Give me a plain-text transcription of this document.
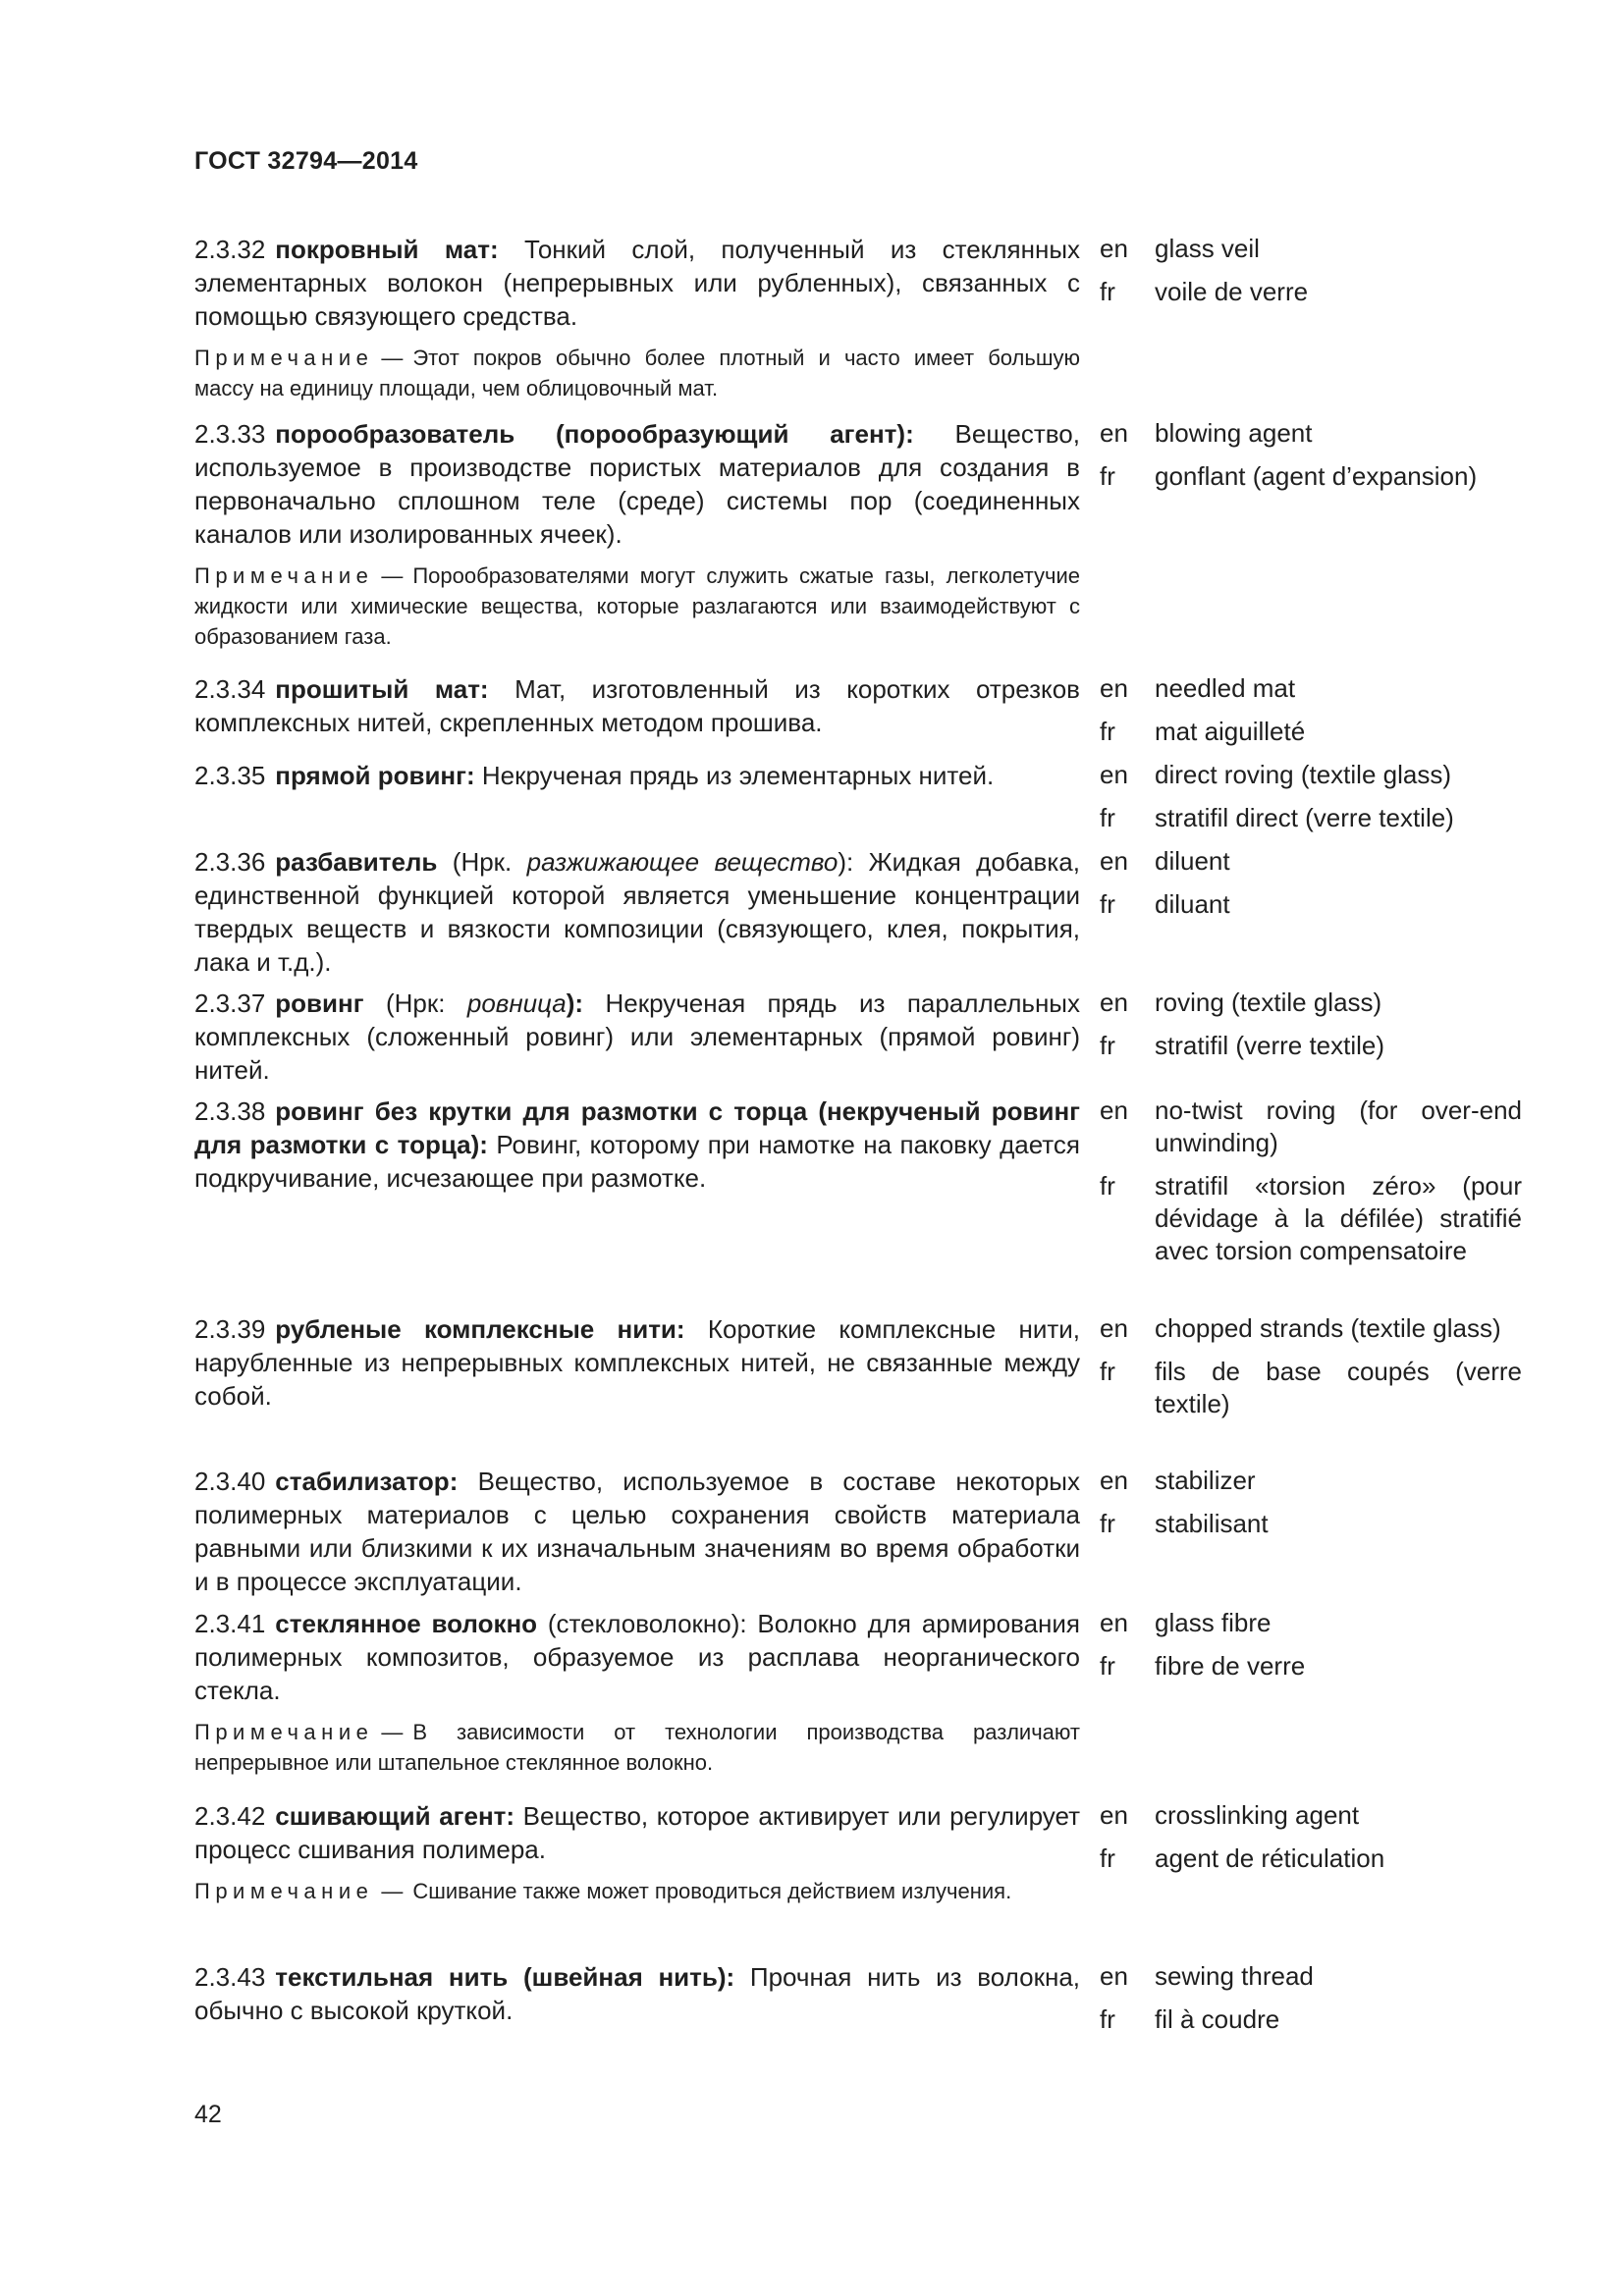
ГОСТ 32794—2014

2.3.32 покровный мат: Тонкий слой, полученный из стеклянных элементарных волокон (непрерывных или рубленных), связанных с помощью связующего средства.

Примечание — Этот покров обычно более плотный и часто имеет большую массу на единицу площади, чем облицовочный мат.

en	glass veil
fr	voile de verre

2.3.33 порообразователь (порообразующий агент): Вещество, используемое в производстве пористых материалов для создания в первоначально сплошном теле (среде) системы пор (соединенных каналов или изолированных ячеек).

Примечание — Порообразователями могут служить сжатые газы, легколетучие жидкости или химические вещества, которые разлагаются или взаимодействуют с образованием газа.

en	blowing agent
fr	gonflant (agent d’expansion)

2.3.34 прошитый мат: Мат, изготовленный из коротких отрезков комплексных нитей, скрепленных методом прошива.

en	needled mat
fr	mat aiguilleté

2.3.35 прямой ровинг: Некрученая прядь из элементарных нитей.	en	direct roving (textile glass)
fr	stratifil direct (verre textile)

2.3.36 разбавитель (Нрк. разжижающее вещество): Жидкая добавка, единственной функцией которой является уменьшение концентрации твердых веществ и вязкости композиции (связующего, клея, покрытия, лака и т.д.).

en	diluent
fr	diluant

2.3.37 ровинг (Нрк: ровница): Некрученая прядь из параллельных комплексных (сложенный ровинг) или элементарных (прямой ровинг) нитей.

en	roving (textile glass)
fr	stratifil (verre textile)

2.3.38 ровинг без крутки для размотки с торца (некрученый ровинг для размотки с торца): Ровинг, которому при намотке на паковку дается подкручивание, исчезающее при размотке.

en	no-twist roving (for over-end unwinding)
fr	stratifil «torsion zéro» (pour dévidage à la défilée) stratifié avec torsion compensatoire

2.3.39 рубленые комплексные нити: Короткие комплексные нити, нарубленные из непрерывных комплексных нитей, не связанные между собой.

en	chopped strands (textile glass)
fr	fils de base coupés (verre textile)

2.3.40 стабилизатор: Вещество, используемое в составе некоторых полимерных материалов с целью сохранения свойств материала равными или близкими к их изначальным значениям во время обработки и в процессе эксплуатации.

en	stabilizer
fr	stabilisant

2.3.41 стеклянное волокно (стекловолокно): Волокно для армирования полимерных композитов, образуемое из расплава неорганического стекла.

Примечание — В зависимости от технологии производства различают непрерывное или штапельное стеклянное волокно.

en	glass fibre
fr	fibre de verre

2.3.42 сшивающий агент: Вещество, которое активирует или регулирует процесс сшивания полимера.

Примечание — Сшивание также может проводиться действием излучения.

en	crosslinking agent
fr	agent de réticulation

2.3.43 текстильная нить (швейная нить): Прочная нить из волокна, обычно с высокой круткой.

en	sewing thread
fr	fil à coudre
42
